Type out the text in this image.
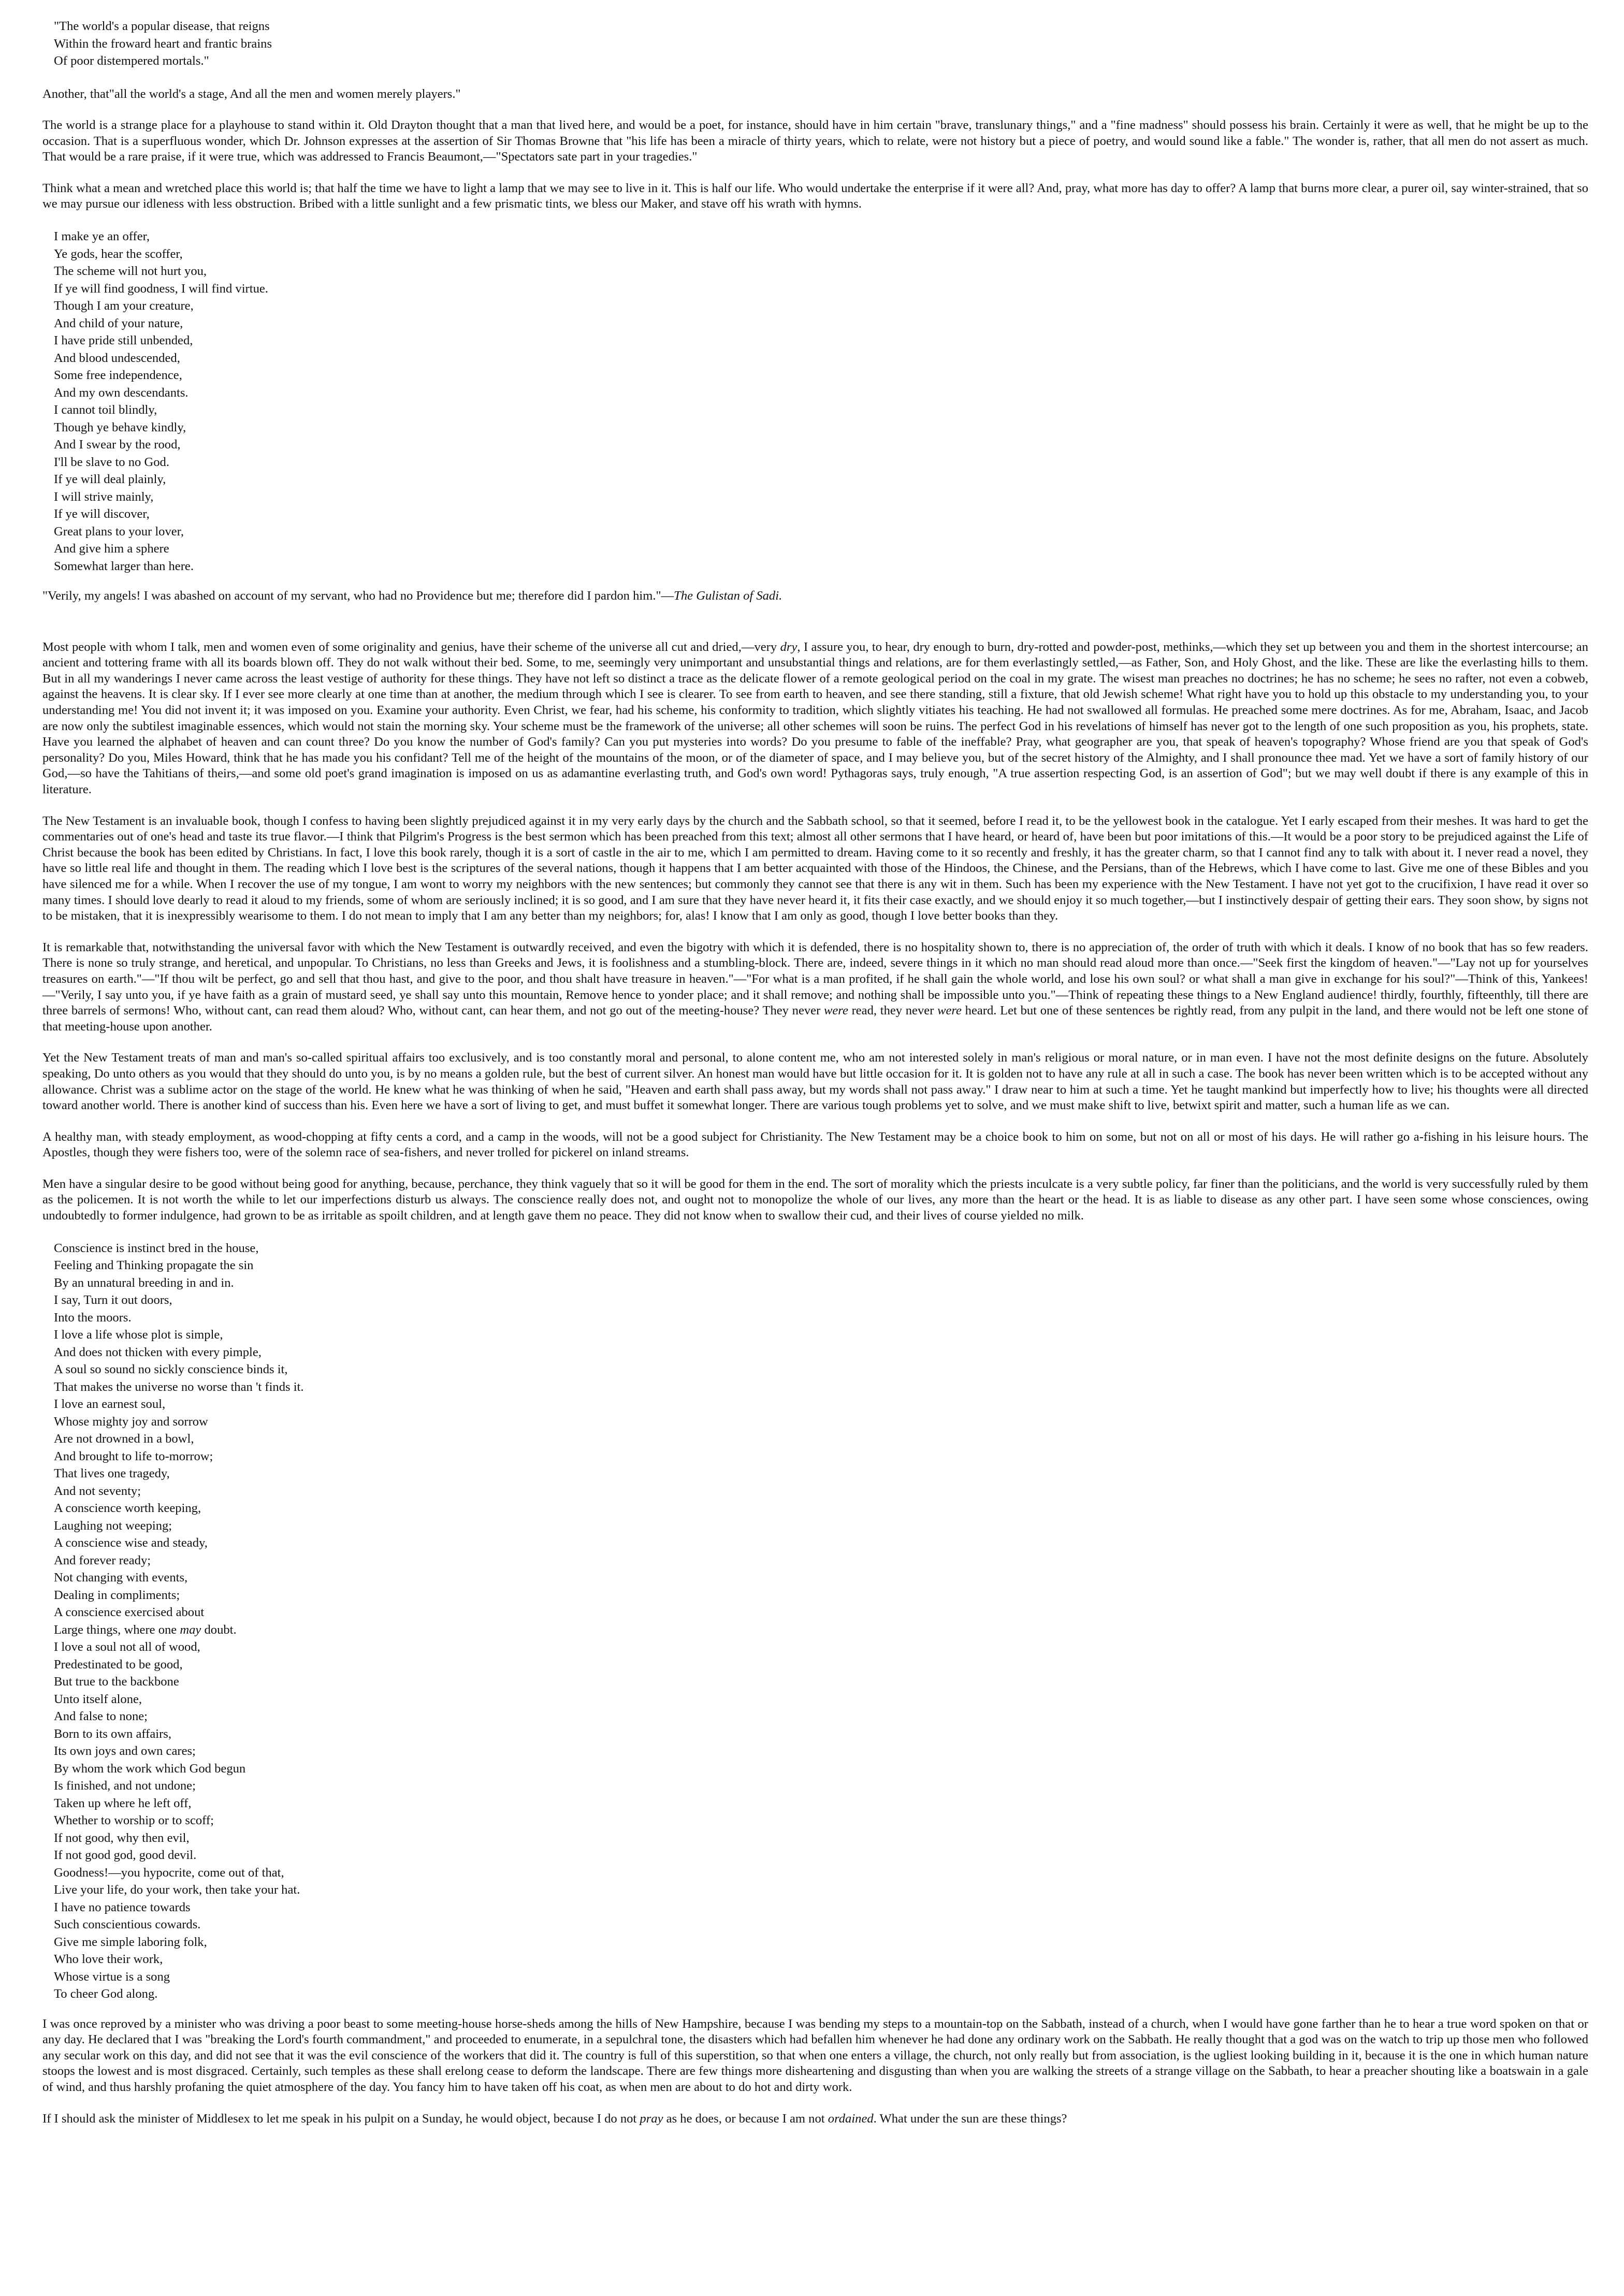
"The world's a popular disease, that reigns
Within the froward heart and frantic brains
Of poor distempered mortals."

Another, that"all the world's a stage, And all the men and women merely players."

The world is a strange place for a playhouse to stand within it. Old Drayton thought that a man that lived here, and would be a poet, for instance, should have in him certain "brave, translunary things," and a "fine madness" should possess his brain. Certainly it were as well, that he might be up to the occasion. That is a superfluous wonder, which Dr. Johnson expresses at the assertion of Sir Thomas Browne that "his life has been a miracle of thirty years, which to relate, were not history but a piece of poetry, and would sound like a fable." The wonder is, rather, that all men do not assert as much. That would be a rare praise, if it were true, which was addressed to Francis Beaumont,—"Spectators sate part in your tragedies."

Think what a mean and wretched place this world is; that half the time we have to light a lamp that we may see to live in it. This is half our life. Who would undertake the enterprise if it were all? And, pray, what more has day to offer? A lamp that burns more clear, a purer oil, say winter-strained, that so we may pursue our idleness with less obstruction. Bribed with a little sunlight and a few prismatic tints, we bless our Maker, and stave off his wrath with hymns.

I make ye an offer,
Ye gods, hear the scoffer,
The scheme will not hurt you,
If ye will find goodness, I will find virtue.
Though I am your creature,
And child of your nature,
I have pride still unbended,
And blood undescended,
Some free independence,
And my own descendants.
I cannot toil blindly,
Though ye behave kindly,
And I swear by the rood,
I'll be slave to no God.
If ye will deal plainly,
I will strive mainly,
If ye will discover,
Great plans to your lover,
And give him a sphere
Somewhat larger than here.

"Verily, my angels! I was abashed on account of my servant, who had no Providence but me; therefore did I pardon him."—The Gulistan of Sadi.

Most people with whom I talk, men and women even of some originality and genius, have their scheme of the universe all cut and dried,—very dry, I assure you, to hear, dry enough to burn, dry-rotted and powder-post, methinks,—which they set up between you and them in the shortest intercourse; an ancient and tottering frame with all its boards blown off. They do not walk without their bed. Some, to me, seemingly very unimportant and unsubstantial things and relations, are for them everlastingly settled,—as Father, Son, and Holy Ghost, and the like. These are like the everlasting hills to them. But in all my wanderings I never came across the least vestige of authority for these things. They have not left so distinct a trace as the delicate flower of a remote geological period on the coal in my grate. The wisest man preaches no doctrines; he has no scheme; he sees no rafter, not even a cobweb, against the heavens. It is clear sky. If I ever see more clearly at one time than at another, the medium through which I see is clearer. To see from earth to heaven, and see there standing, still a fixture, that old Jewish scheme! What right have you to hold up this obstacle to my understanding you, to your understanding me! You did not invent it; it was imposed on you. Examine your authority. Even Christ, we fear, had his scheme, his conformity to tradition, which slightly vitiates his teaching. He had not swallowed all formulas. He preached some mere doctrines. As for me, Abraham, Isaac, and Jacob are now only the subtilest imaginable essences, which would not stain the morning sky. Your scheme must be the framework of the universe; all other schemes will soon be ruins. The perfect God in his revelations of himself has never got to the length of one such proposition as you, his prophets, state. Have you learned the alphabet of heaven and can count three? Do you know the number of God's family? Can you put mysteries into words? Do you presume to fable of the ineffable? Pray, what geographer are you, that speak of heaven's topography? Whose friend are you that speak of God's personality? Do you, Miles Howard, think that he has made you his confidant? Tell me of the height of the mountains of the moon, or of the diameter of space, and I may believe you, but of the secret history of the Almighty, and I shall pronounce thee mad. Yet we have a sort of family history of our God,—so have the Tahitians of theirs,—and some old poet's grand imagination is imposed on us as adamantine everlasting truth, and God's own word! Pythagoras says, truly enough, "A true assertion respecting God, is an assertion of God"; but we may well doubt if there is any example of this in literature.

The New Testament is an invaluable book, though I confess to having been slightly prejudiced against it in my very early days by the church and the Sabbath school, so that it seemed, before I read it, to be the yellowest book in the catalogue. Yet I early escaped from their meshes. It was hard to get the commentaries out of one's head and taste its true flavor.—I think that Pilgrim's Progress is the best sermon which has been preached from this text; almost all other sermons that I have heard, or heard of, have been but poor imitations of this.—It would be a poor story to be prejudiced against the Life of Christ because the book has been edited by Christians. In fact, I love this book rarely, though it is a sort of castle in the air to me, which I am permitted to dream. Having come to it so recently and freshly, it has the greater charm, so that I cannot find any to talk with about it. I never read a novel, they have so little real life and thought in them. The reading which I love best is the scriptures of the several nations, though it happens that I am better acquainted with those of the Hindoos, the Chinese, and the Persians, than of the Hebrews, which I have come to last. Give me one of these Bibles and you have silenced me for a while. When I recover the use of my tongue, I am wont to worry my neighbors with the new sentences; but commonly they cannot see that there is any wit in them. Such has been my experience with the New Testament. I have not yet got to the crucifixion, I have read it over so many times. I should love dearly to read it aloud to my friends, some of whom are seriously inclined; it is so good, and I am sure that they have never heard it, it fits their case exactly, and we should enjoy it so much together,—but I instinctively despair of getting their ears. They soon show, by signs not to be mistaken, that it is inexpressibly wearisome to them. I do not mean to imply that I am any better than my neighbors; for, alas! I know that I am only as good, though I love better books than they.

It is remarkable that, notwithstanding the universal favor with which the New Testament is outwardly received, and even the bigotry with which it is defended, there is no hospitality shown to, there is no appreciation of, the order of truth with which it deals. I know of no book that has so few readers. There is none so truly strange, and heretical, and unpopular. To Christians, no less than Greeks and Jews, it is foolishness and a stumbling-block. There are, indeed, severe things in it which no man should read aloud more than once.—"Seek first the kingdom of heaven."—"Lay not up for yourselves treasures on earth."—"If thou wilt be perfect, go and sell that thou hast, and give to the poor, and thou shalt have treasure in heaven."—"For what is a man profited, if he shall gain the whole world, and lose his own soul? or what shall a man give in exchange for his soul?"—Think of this, Yankees!—"Verily, I say unto you, if ye have faith as a grain of mustard seed, ye shall say unto this mountain, Remove hence to yonder place; and it shall remove; and nothing shall be impossible unto you."—Think of repeating these things to a New England audience! thirdly, fourthly, fifteenthly, till there are three barrels of sermons! Who, without cant, can read them aloud? Who, without cant, can hear them, and not go out of the meeting-house? They never were read, they never were heard. Let but one of these sentences be rightly read, from any pulpit in the land, and there would not be left one stone of that meeting-house upon another.

Yet the New Testament treats of man and man's so-called spiritual affairs too exclusively, and is too constantly moral and personal, to alone content me, who am not interested solely in man's religious or moral nature, or in man even. I have not the most definite designs on the future. Absolutely speaking, Do unto others as you would that they should do unto you, is by no means a golden rule, but the best of current silver. An honest man would have but little occasion for it. It is golden not to have any rule at all in such a case. The book has never been written which is to be accepted without any allowance. Christ was a sublime actor on the stage of the world. He knew what he was thinking of when he said, "Heaven and earth shall pass away, but my words shall not pass away." I draw near to him at such a time. Yet he taught mankind but imperfectly how to live; his thoughts were all directed toward another world. There is another kind of success than his. Even here we have a sort of living to get, and must buffet it somewhat longer. There are various tough problems yet to solve, and we must make shift to live, betwixt spirit and matter, such a human life as we can.

A healthy man, with steady employment, as wood-chopping at fifty cents a cord, and a camp in the woods, will not be a good subject for Christianity. The New Testament may be a choice book to him on some, but not on all or most of his days. He will rather go a-fishing in his leisure hours. The Apostles, though they were fishers too, were of the solemn race of sea-fishers, and never trolled for pickerel on inland streams.

Men have a singular desire to be good without being good for anything, because, perchance, they think vaguely that so it will be good for them in the end. The sort of morality which the priests inculcate is a very subtle policy, far finer than the politicians, and the world is very successfully ruled by them as the policemen. It is not worth the while to let our imperfections disturb us always. The conscience really does not, and ought not to monopolize the whole of our lives, any more than the heart or the head. It is as liable to disease as any other part. I have seen some whose consciences, owing undoubtedly to former indulgence, had grown to be as irritable as spoilt children, and at length gave them no peace. They did not know when to swallow their cud, and their lives of course yielded no milk.

Conscience is instinct bred in the house,
Feeling and Thinking propagate the sin
By an unnatural breeding in and in.
I say, Turn it out doors,
Into the moors.
I love a life whose plot is simple,
And does not thicken with every pimple,
A soul so sound no sickly conscience binds it,
That makes the universe no worse than 't finds it.
I love an earnest soul,
Whose mighty joy and sorrow
Are not drowned in a bowl,
And brought to life to-morrow;
That lives one tragedy,
And not seventy;
A conscience worth keeping,
Laughing not weeping;
A conscience wise and steady,
And forever ready;
Not changing with events,
Dealing in compliments;
A conscience exercised about
Large things, where one may doubt.
I love a soul not all of wood,
Predestinated to be good,
But true to the backbone
Unto itself alone,
And false to none;
Born to its own affairs,
Its own joys and own cares;
By whom the work which God begun
Is finished, and not undone;
Taken up where he left off,
Whether to worship or to scoff;
If not good, why then evil,
If not good god, good devil.
Goodness!—you hypocrite, come out of that,
Live your life, do your work, then take your hat.
I have no patience towards
Such conscientious cowards.
Give me simple laboring folk,
Who love their work,
Whose virtue is a song
To cheer God along.

I was once reproved by a minister who was driving a poor beast to some meeting-house horse-sheds among the hills of New Hampshire, because I was bending my steps to a mountain-top on the Sabbath, instead of a church, when I would have gone farther than he to hear a true word spoken on that or any day. He declared that I was "breaking the Lord's fourth commandment," and proceeded to enumerate, in a sepulchral tone, the disasters which had befallen him whenever he had done any ordinary work on the Sabbath. He really thought that a god was on the watch to trip up those men who followed any secular work on this day, and did not see that it was the evil conscience of the workers that did it. The country is full of this superstition, so that when one enters a village, the church, not only really but from association, is the ugliest looking building in it, because it is the one in which human nature stoops the lowest and is most disgraced. Certainly, such temples as these shall erelong cease to deform the landscape. There are few things more disheartening and disgusting than when you are walking the streets of a strange village on the Sabbath, to hear a preacher shouting like a boatswain in a gale of wind, and thus harshly profaning the quiet atmosphere of the day. You fancy him to have taken off his coat, as when men are about to do hot and dirty work.

If I should ask the minister of Middlesex to let me speak in his pulpit on a Sunday, he would object, because I do not pray as he does, or because I am not ordained. What under the sun are these things?
